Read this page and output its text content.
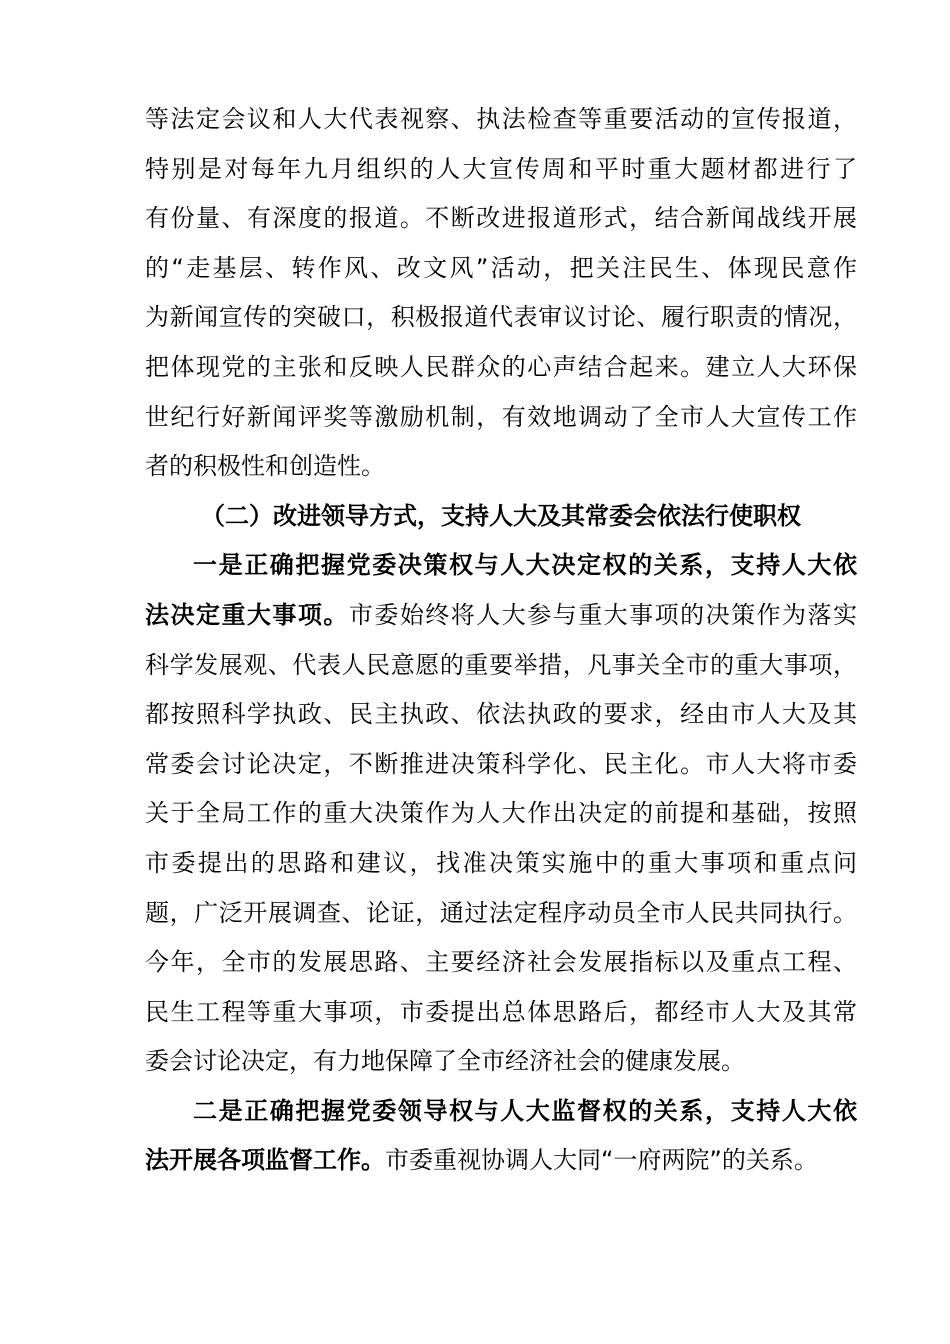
等法定会议和人大代表视察、执法检查等重要活动的宣传报道，
特别是对每年九月组织的人大宣传周和平时重大题材都进行了
有份量、有深度的报道。不断改进报道形式，结合新闻战线开展
的“走基层、转作风、改文风”活动，把关注民生、体现民意作
为新闻宣传的突破口，积极报道代表审议讨论、履行职责的情况，
把体现党的主张和反映人民群众的心声结合起来。建立人大环保
世纪行好新闻评奖等激励机制，有效地调动了全市人大宣传工作
者的积极性和创造性。
（二）改进领导方式，支持人大及其常委会依法行使职权
一是正确把握党委决策权与人大决定权的关系，支持人大依
法决定重大事项。市委始终将人大参与重大事项的决策作为落实
科学发展观、代表人民意愿的重要举措，凡事关全市的重大事项，
都按照科学执政、民主执政、依法执政的要求，经由市人大及其
常委会讨论决定，不断推进决策科学化、民主化。市人大将市委
关于全局工作的重大决策作为人大作出决定的前提和基础，按照
市委提出的思路和建议，找准决策实施中的重大事项和重点问
题，广泛开展调查、论证，通过法定程序动员全市人民共同执行。
今年，全市的发展思路、主要经济社会发展指标以及重点工程、
民生工程等重大事项，市委提出总体思路后，都经市人大及其常
委会讨论决定，有力地保障了全市经济社会的健康发展。
二是正确把握党委领导权与人大监督权的关系，支持人大依
法开展各项监督工作。市委重视协调人大同“一府两院”的关系。
